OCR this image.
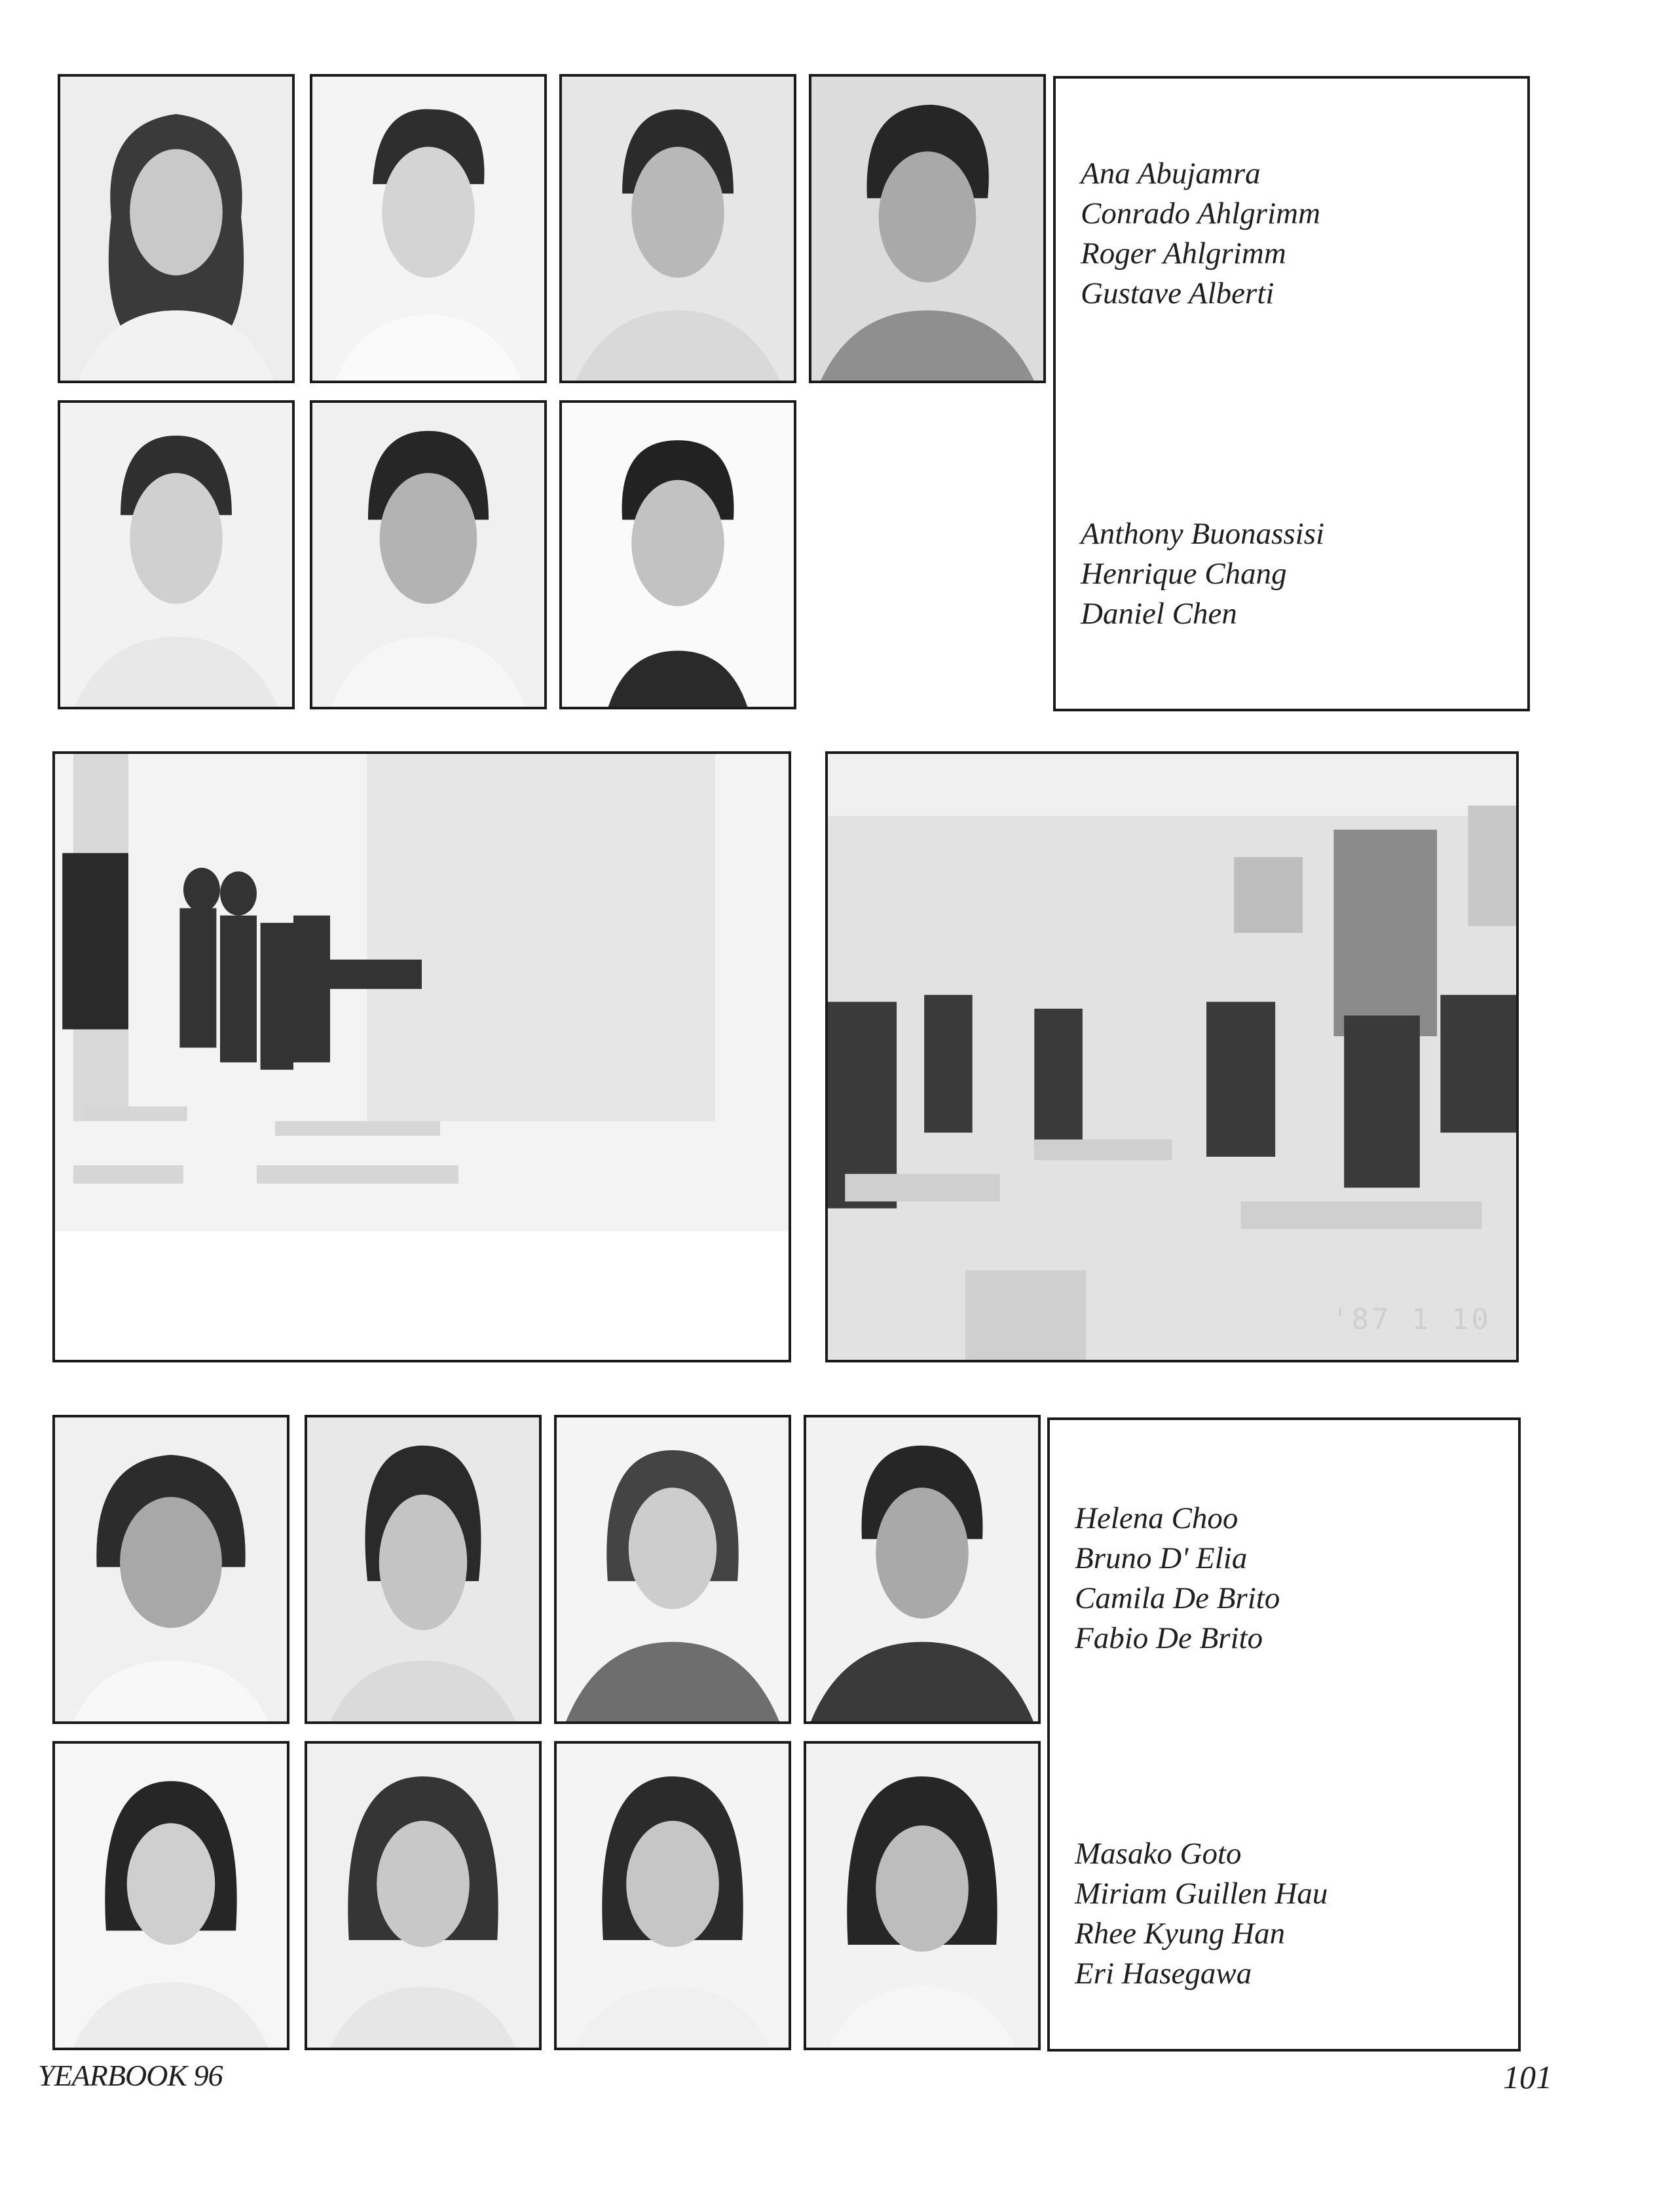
Ana Abujamra
Conrado Ahlgrimm
Roger Ahlgrimm
Gustave Alberti
Anthony Buonassisi
Henrique Chang
Daniel Chen
'87 1 10
Helena Choo
Bruno D' Elia
Camila De Brito
Fabio De Brito
Masako Goto
Miriam Guillen Hau
Rhee Kyung Han
Eri Hasegawa
YEARBOOK 96	101
